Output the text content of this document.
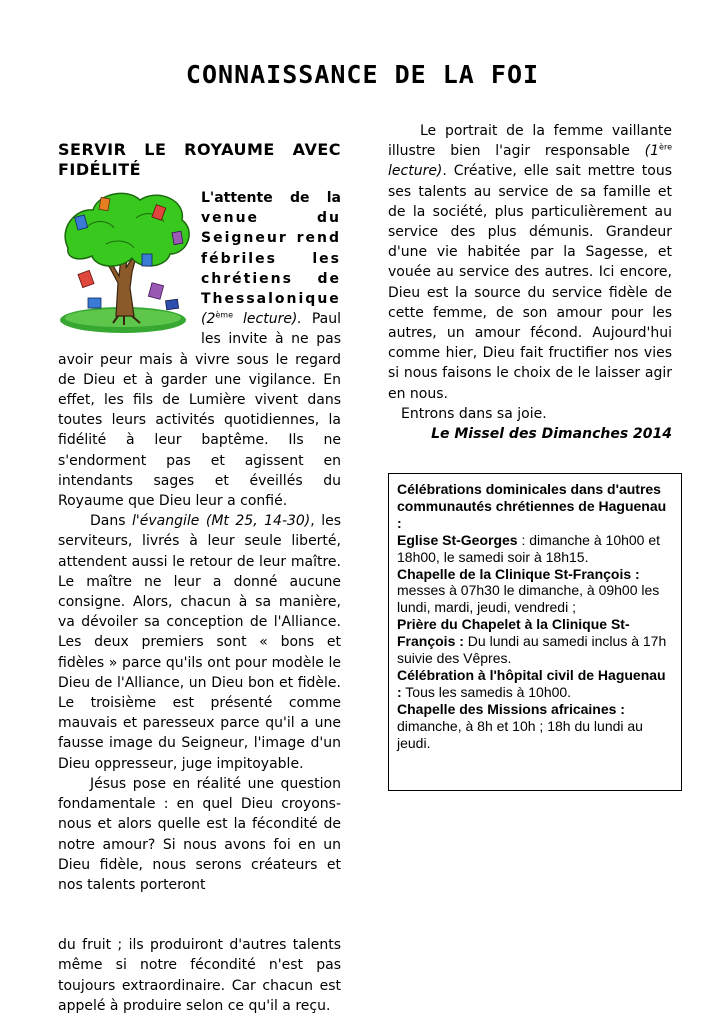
CONNAISSANCE DE LA FOI
SERVIR LE ROYAUME AVEC FIDÉLITÉ
L'attente de la
venue du
Seigneur rend
fébriles les
chrétiens de
Thessalonique

(2ème lecture). Paul les invite à ne pas avoir peur mais à vivre sous le regard de Dieu et à garder une vigilance. En effet, les fils de Lumière vivent dans toutes leurs activités quotidiennes, la fidélité à leur baptême. Ils ne s'endorment pas et agissent en intendants sages et éveillés du Royaume que Dieu leur a confié.

Dans l'évangile (Mt 25, 14-30), les serviteurs, livrés à leur seule liberté, attendent aussi le retour de leur maître. Le maître ne leur a donné aucune consigne. Alors, chacun à sa manière, va dévoiler sa conception de l'Alliance. Les deux premiers sont « bons et fidèles » parce qu'ils ont pour modèle le Dieu de l'Alliance, un Dieu bon et fidèle. Le troisième est présenté comme mauvais et paresseux parce qu'il a une fausse image du Seigneur, l'image d'un Dieu oppresseur, juge impitoyable.

Jésus pose en réalité une question fondamentale : en quel Dieu croyons-nous et alors quelle est la fécondité de notre amour? Si nous avons foi en un Dieu fidèle, nous serons créateurs et nos talents porteront

du fruit ; ils produiront d'autres talents même si notre fécondité n'est pas toujours extraordinaire. Car chacun est appelé à produire selon ce qu'il a reçu.

Le portrait de la femme vaillante illustre bien l'agir responsable (1ère lecture). Créative, elle sait mettre tous ses talents au service de sa famille et de la société, plus particulièrement au service des plus démunis. Grandeur d'une vie habitée par la Sagesse, et vouée au service des autres. Ici encore, Dieu est la source du service fidèle de cette femme, de son amour pour les autres, un amour fécond. Aujourd'hui comme hier, Dieu fait fructifier nos vies si nous faisons le choix de le laisser agir en nous.

Entrons dans sa joie.

Le Missel des Dimanches 2014

Célébrations dominicales dans d'autres communautés chrétiennes de Haguenau :
Eglise St-Georges : dimanche à 10h00 et 18h00, le samedi soir à 18h15.
Chapelle de la Clinique St-François : messes à 07h30 le dimanche, à 09h00 les lundi, mardi, jeudi, vendredi ;
Prière du Chapelet à la Clinique St-François : Du lundi au samedi inclus à 17h suivie des Vêpres.
Célébration à l'hôpital civil de Haguenau : Tous les samedis à 10h00.
Chapelle des Missions africaines : dimanche, à 8h et 10h ; 18h du lundi au jeudi.
